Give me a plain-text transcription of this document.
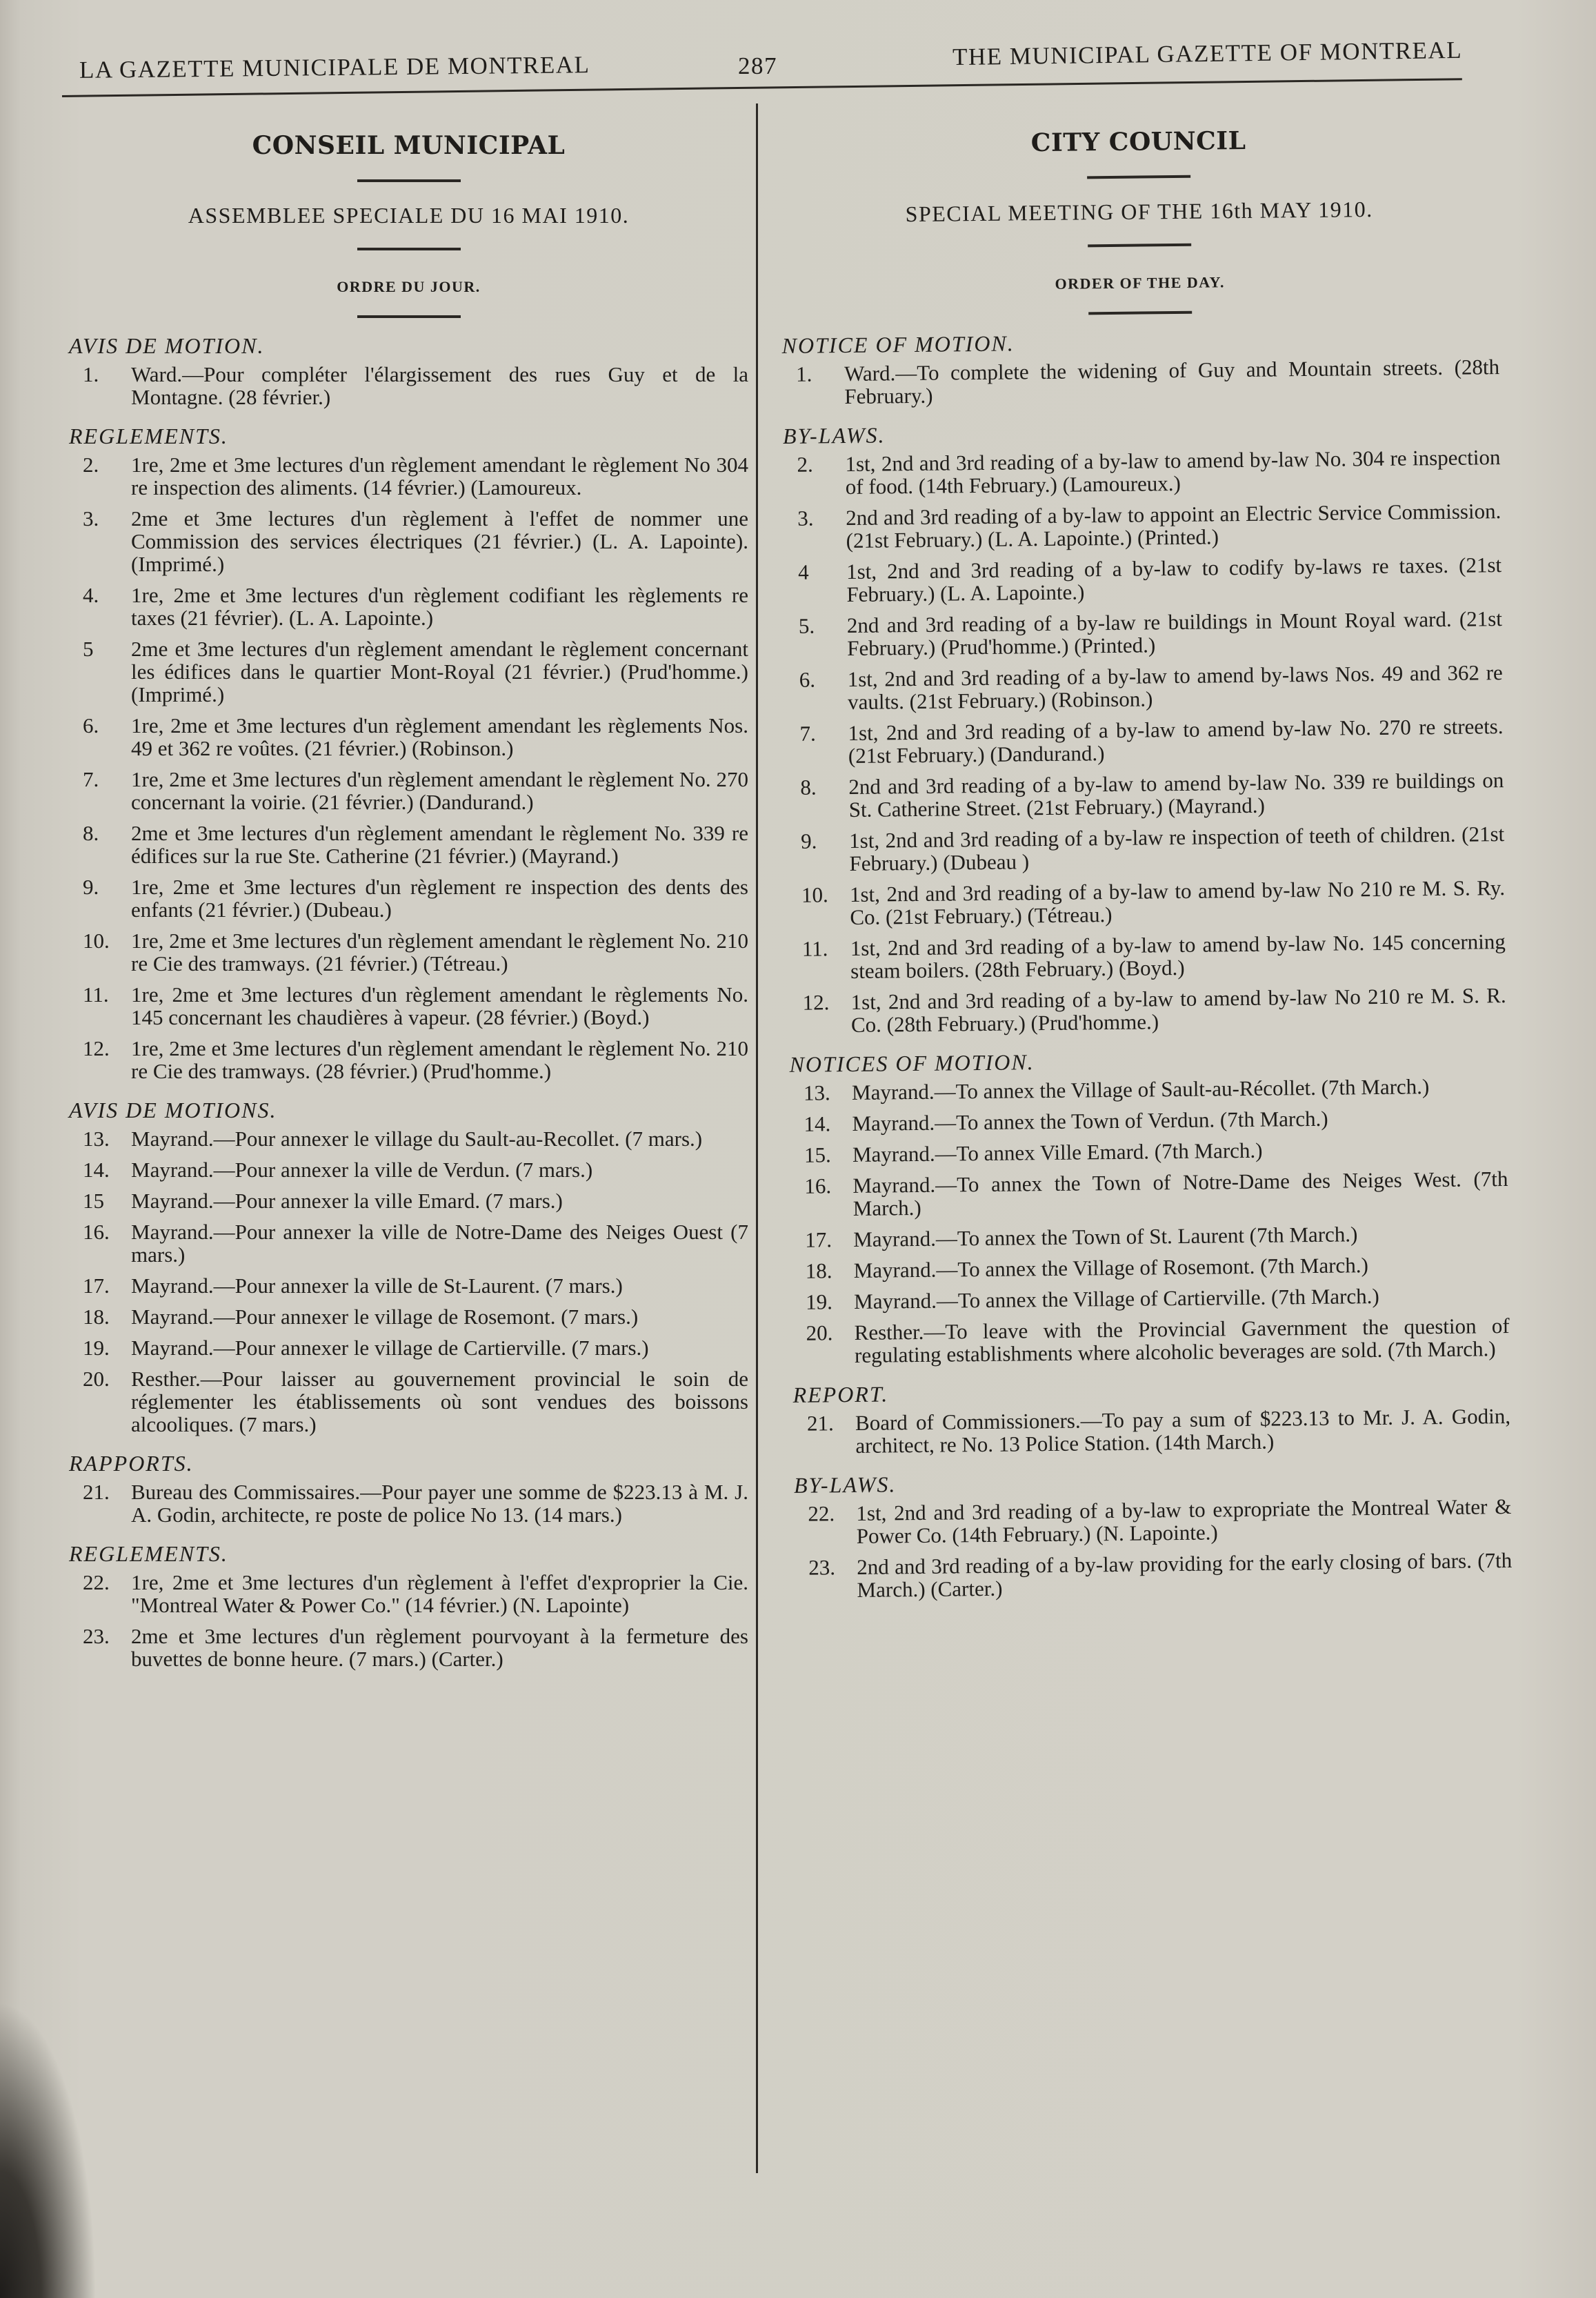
LA GAZETTE MUNICIPALE DE MONTREAL	287	THE MUNICIPAL GAZETTE OF MONTREAL
CONSEIL MUNICIPAL
ASSEMBLEE SPECIALE DU 16 MAI 1910.
ORDRE DU JOUR.
AVIS DE MOTION.
1.	Ward.—Pour compléter l'élargissement des rues Guy et de la Montagne. (28 février.)
REGLEMENTS.
2.	1re, 2me et 3me lectures d'un règlement amendant le règlement No 304 re inspection des aliments. (14 février.) (Lamoureux.
3.	2me et 3me lectures d'un règlement à l'effet de nommer une Commission des services électriques (21 février.) (L. A. Lapointe). (Imprimé.)
4.	1re, 2me et 3me lectures d'un règlement codifiant les règlements re taxes (21 février). (L. A. Lapointe.)
5	2me et 3me lectures d'un règlement amendant le règlement concernant les édifices dans le quartier Mont-Royal (21 février.) (Prud'homme.) (Imprimé.)
6.	1re, 2me et 3me lectures d'un règlement amendant les règlements Nos. 49 et 362 re voûtes. (21 février.) (Robinson.)
7.	1re, 2me et 3me lectures d'un règlement amendant le règlement No. 270 concernant la voirie. (21 février.) (Dandurand.)
8.	2me et 3me lectures d'un règlement amendant le règlement No. 339 re édifices sur la rue Ste. Catherine (21 février.) (Mayrand.)
9.	1re, 2me et 3me lectures d'un règlement re inspection des dents des enfants (21 février.) (Dubeau.)
10.	1re, 2me et 3me lectures d'un règlement amendant le règlement No. 210 re Cie des tramways. (21 février.) (Tétreau.)
11.	1re, 2me et 3me lectures d'un règlement amendant le règlements No. 145 concernant les chaudières à vapeur. (28 février.) (Boyd.)
12.	1re, 2me et 3me lectures d'un règlement amendant le règlement No. 210 re Cie des tramways. (28 février.) (Prud'homme.)
AVIS DE MOTIONS.
13.	Mayrand.—Pour annexer le village du Sault-au-Recollet. (7 mars.)
14.	Mayrand.—Pour annexer la ville de Verdun. (7 mars.)
15	Mayrand.—Pour annexer la ville Emard. (7 mars.)
16.	Mayrand.—Pour annexer la ville de Notre-Dame des Neiges Ouest (7 mars.)
17.	Mayrand.—Pour annexer la ville de St-Laurent. (7 mars.)
18.	Mayrand.—Pour annexer le village de Rosemont. (7 mars.)
19.	Mayrand.—Pour annexer le village de Cartierville. (7 mars.)
20.	Resther.—Pour laisser au gouvernement provincial le soin de réglementer les établissements où sont vendues des boissons alcooliques. (7 mars.)
RAPPORTS.
21.	Bureau des Commissaires.—Pour payer une somme de $223.13 à M. J. A. Godin, architecte, re poste de police No 13. (14 mars.)
REGLEMENTS.
22.	1re, 2me et 3me lectures d'un règlement à l'effet d'exproprier la Cie. "Montreal Water & Power Co." (14 février.) (N. Lapointe)
23.	2me et 3me lectures d'un règlement pourvoyant à la fermeture des buvettes de bonne heure. (7 mars.) (Carter.)
CITY COUNCIL
SPECIAL MEETING OF THE 16th MAY 1910.
ORDER OF THE DAY.
NOTICE OF MOTION.
1.	Ward.—To complete the widening of Guy and Mountain streets. (28th February.)
BY-LAWS.
2.	1st, 2nd and 3rd reading of a by-law to amend by-law No. 304 re inspection of food. (14th February.) (Lamoureux.)
3.	2nd and 3rd reading of a by-law to appoint an Electric Service Commission. (21st February.) (L. A. Lapointe.) (Printed.)
4	1st, 2nd and 3rd reading of a by-law to codify by-laws re taxes. (21st February.) (L. A. Lapointe.)
5.	2nd and 3rd reading of a by-law re buildings in Mount Royal ward. (21st February.) (Prud'homme.) (Printed.)
6.	1st, 2nd and 3rd reading of a by-law to amend by-laws Nos. 49 and 362 re vaults. (21st February.) (Robinson.)
7.	1st, 2nd and 3rd reading of a by-law to amend by-law No. 270 re streets. (21st February.) (Dandurand.)
8.	2nd and 3rd reading of a by-law to amend by-law No. 339 re buildings on St. Catherine Street. (21st February.) (Mayrand.)
9.	1st, 2nd and 3rd reading of a by-law re inspection of teeth of children. (21st February.) (Dubeau )
10. 1st, 2nd and 3rd reading of a by-law to amend by-law No 210 re M. S. Ry. Co. (21st February.) (Tétreau.)
11.	1st, 2nd and 3rd reading of a by-law to amend by-law No. 145 concerning steam boilers. (28th February.) (Boyd.)
12. 1st, 2nd and 3rd reading of a by-law to amend by-law No 210 re M. S. R. Co. (28th February.) (Prud'homme.)
NOTICES OF MOTION.
13. Mayrand.—To annex the Village of Sault-au-Récollet. (7th March.)
14. Mayrand.—To annex the Town of Verdun. (7th March.)
15. Mayrand.—To annex Ville Emard. (7th March.)
16. Mayrand.—To annex the Town of Notre-Dame des Neiges West. (7th March.)
17. Mayrand.—To annex the Town of St. Laurent (7th March.)
18. Mayrand.—To annex the Village of Rosemont. (7th March.)
19. Mayrand.—To annex the Village of Cartierville. (7th March.)
20. Resther.—To leave with the Provincial Gavernment the question of regulating establishments where alcoholic beverages are sold. (7th March.)
REPORT.
21. Board of Commissioners.—To pay a sum of $223.13 to Mr. J. A. Godin, architect, re No. 13 Police Station. (14th March.)
BY-LAWS.
22. 1st, 2nd and 3rd reading of a by-law to expropriate the Montreal Water & Power Co. (14th February.) (N. Lapointe.)
23. 2nd and 3rd reading of a by-law providing for the early closing of bars. (7th March.) (Carter.)
